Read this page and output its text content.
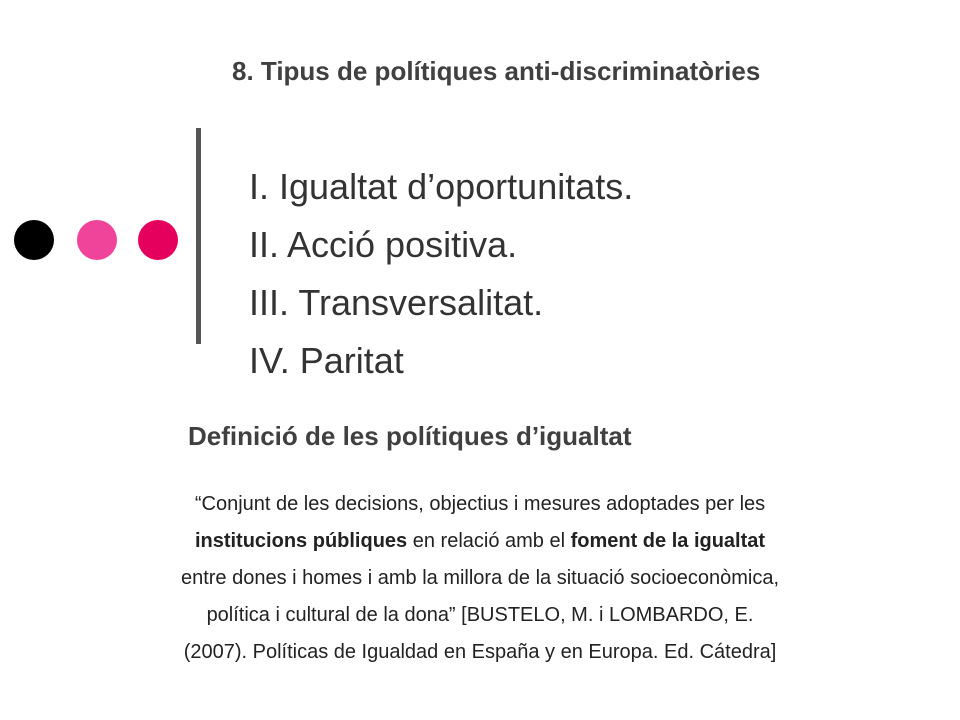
8. Tipus de polítiques anti-discriminatòries
I. Igualtat d’oportunitats.
II. Acció positiva.
III. Transversalitat.
IV. Paritat
Definició de les polítiques d’igualtat
“Conjunt de les decisions, objectius i mesures adoptades per les
institucions públiques en relació amb el foment de la igualtat
entre dones i homes i amb la millora de la situació socioeconòmica,
política i cultural de la dona” [BUSTELO, M. i LOMBARDO, E.
(2007). Políticas de Igualdad en España y en Europa. Ed. Cátedra]
